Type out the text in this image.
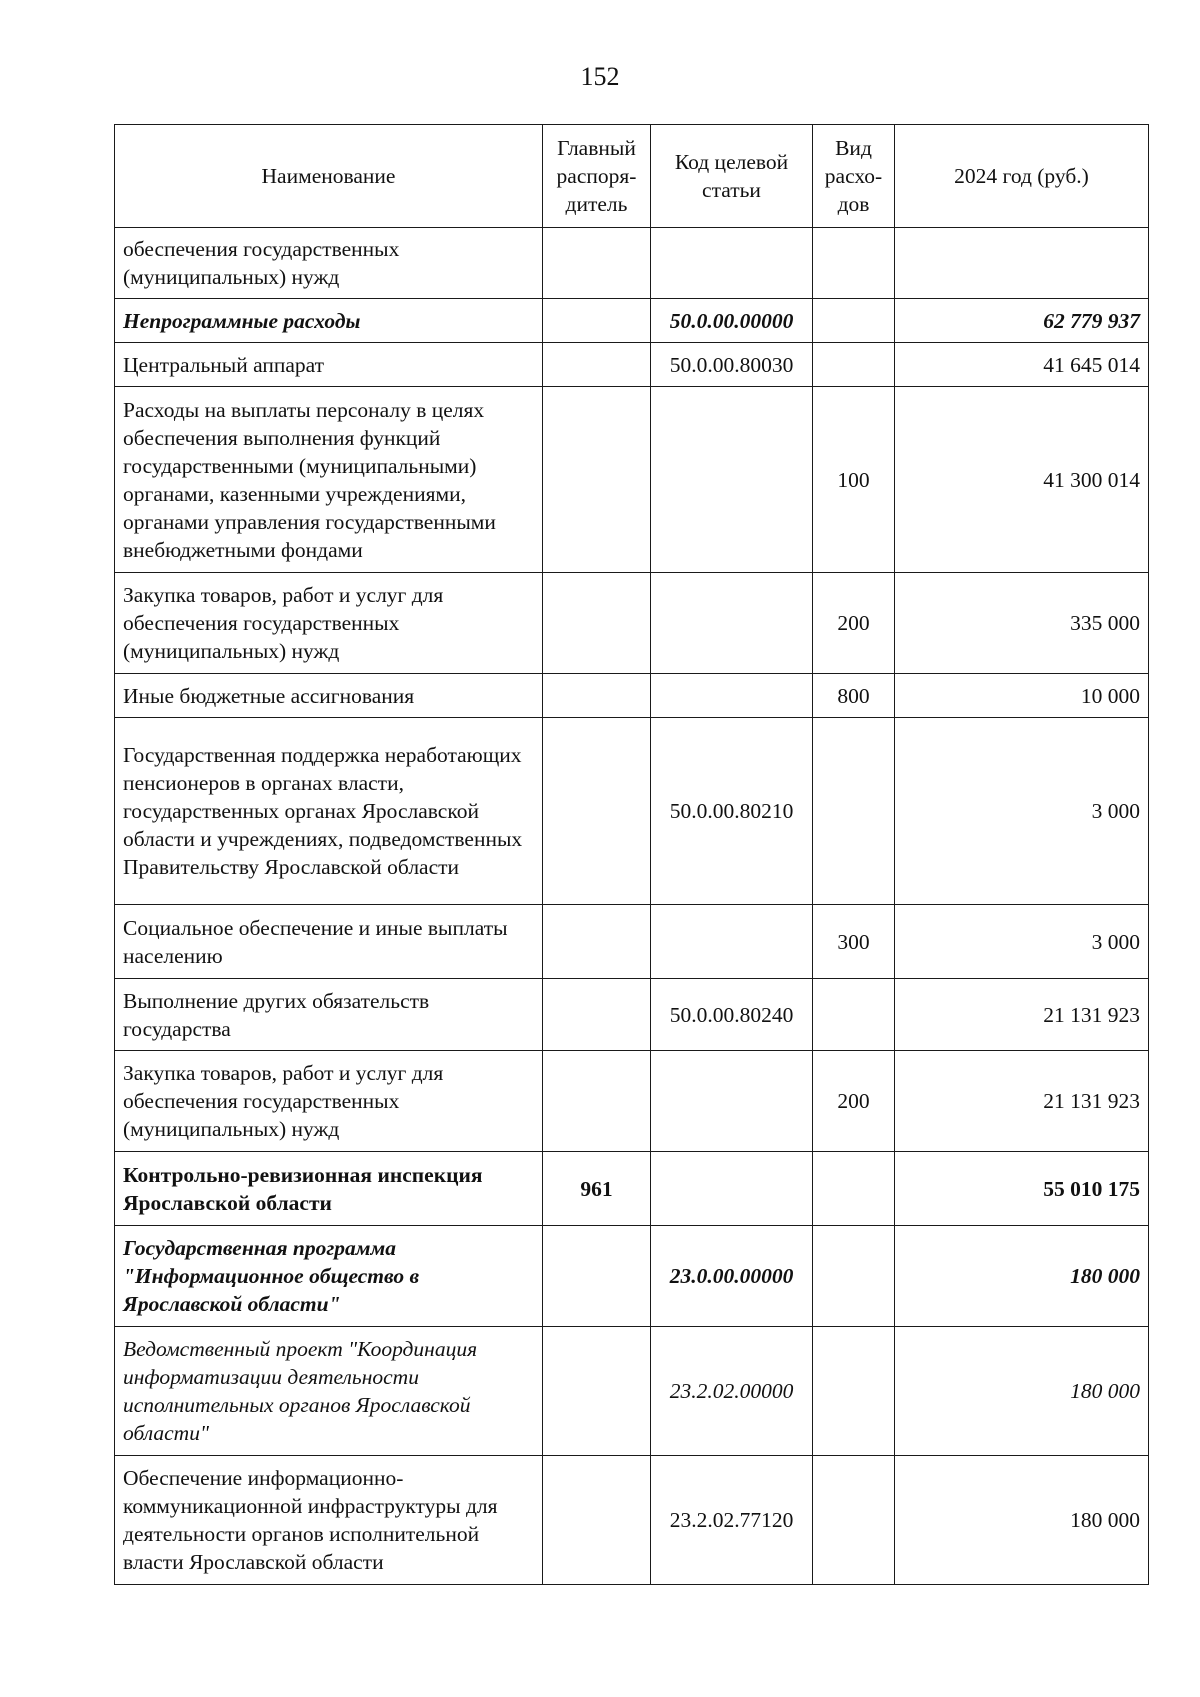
152
Наименование	Главный распоря-дитель	Код целевой статьи	Вид расхо-дов	2024 год (руб.)
обеспечения государственных (муниципальных) нужд				
Непрограммные расходы		50.0.00.00000		62 779 937
Центральный аппарат		50.0.00.80030		41 645 014
Расходы на выплаты персоналу в целях обеспечения выполнения функций государственными (муниципальными) органами, казенными учреждениями, органами управления государственными внебюджетными фондами			100	41 300 014
Закупка товаров, работ и услуг для обеспечения государственных (муниципальных) нужд			200	335 000
Иные бюджетные ассигнования			800	10 000
Государственная поддержка неработающих пенсионеров в органах власти, государственных органах Ярославской области и учреждениях, подведомственных Правительству Ярославской области		50.0.00.80210		3 000
Социальное обеспечение и иные выплаты населению			300	3 000
Выполнение других обязательств государства		50.0.00.80240		21 131 923
Закупка товаров, работ и услуг для обеспечения государственных (муниципальных) нужд			200	21 131 923
Контрольно-ревизионная инспекция Ярославской области	961			55 010 175
Государственная программа "Информационное общество в Ярославской области"		23.0.00.00000		180 000
Ведомственный проект "Координация информатизации деятельности исполнительных органов Ярославской области"		23.2.02.00000		180 000
Обеспечение информационно-коммуникационной инфраструктуры для деятельности органов исполнительной власти Ярославской области		23.2.02.77120		180 000
